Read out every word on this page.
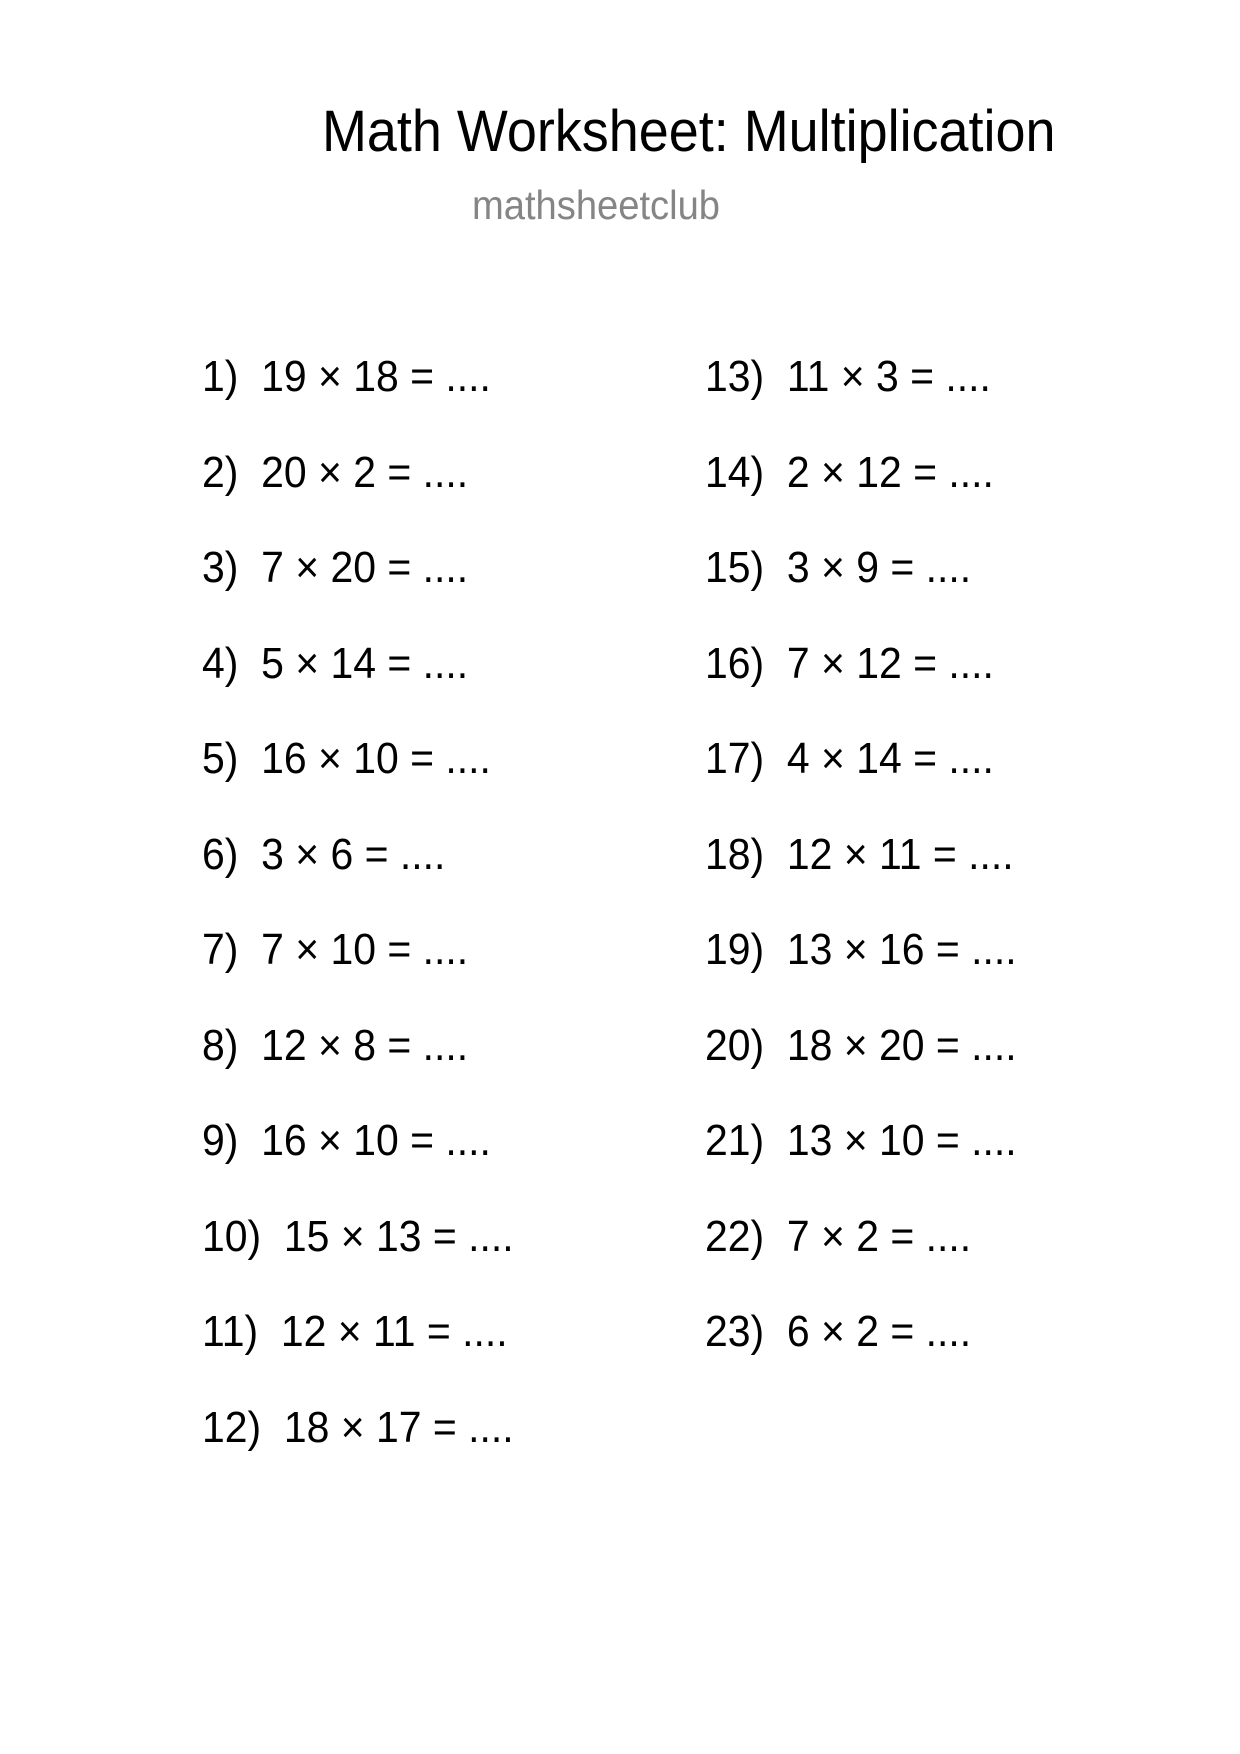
Math Worksheet: Multiplication
mathsheetclub
1)  19 × 18 = ....
2)  20 × 2 = ....
3)  7 × 20 = ....
4)  5 × 14 = ....
5)  16 × 10 = ....
6)  3 × 6 = ....
7)  7 × 10 = ....
8)  12 × 8 = ....
9)  16 × 10 = ....
10)  15 × 13 = ....
11)  12 × 11 = ....
12)  18 × 17 = ....
13)  11 × 3 = ....
14)  2 × 12 = ....
15)  3 × 9 = ....
16)  7 × 12 = ....
17)  4 × 14 = ....
18)  12 × 11 = ....
19)  13 × 16 = ....
20)  18 × 20 = ....
21)  13 × 10 = ....
22)  7 × 2 = ....
23)  6 × 2 = ....
